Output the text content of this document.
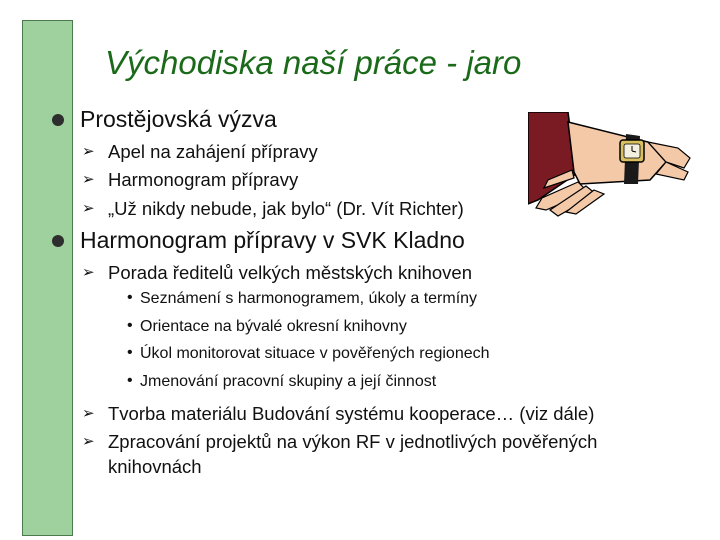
Východiska naší práce - jaro
Prostějovská výzva
➢ Apel na zahájení přípravy
➢ Harmonogram přípravy
➢ „Už nikdy nebude, jak bylo“ (Dr. Vít Richter)
Harmonogram přípravy v SVK Kladno
➢ Porada ředitelů velkých městských knihoven
• Seznámení s harmonogramem, úkoly a termíny
• Orientace na bývalé okresní knihovny
• Úkol monitorovat situace v pověřených regionech
• Jmenování pracovní skupiny a její činnost
➢ Tvorba materiálu Budování systému kooperace… (viz dále)
➢ Zpracování projektů na výkon RF v jednotlivých pověřených
knihovnách
